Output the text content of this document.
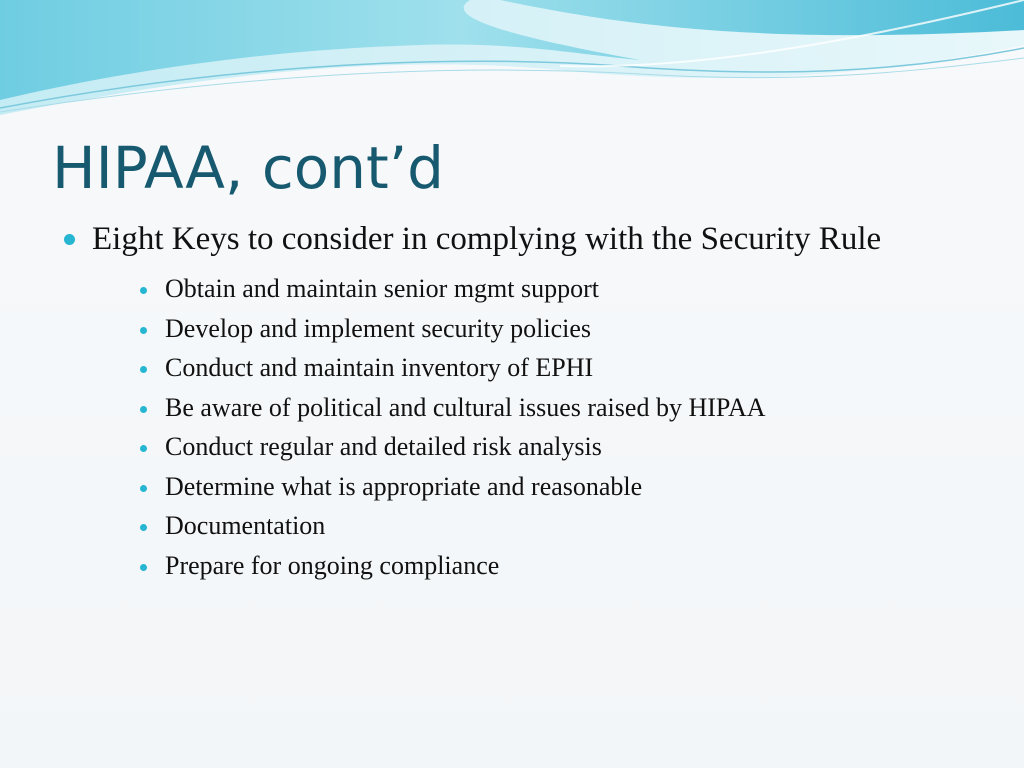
HIPAA, cont’d
Eight Keys to consider in complying with the Security Rule
Obtain and maintain senior mgmt support
Develop and implement security policies
Conduct and maintain inventory of EPHI
Be aware of political and cultural issues raised by HIPAA
Conduct regular and detailed risk analysis
Determine what is appropriate and reasonable
Documentation
Prepare for ongoing compliance
